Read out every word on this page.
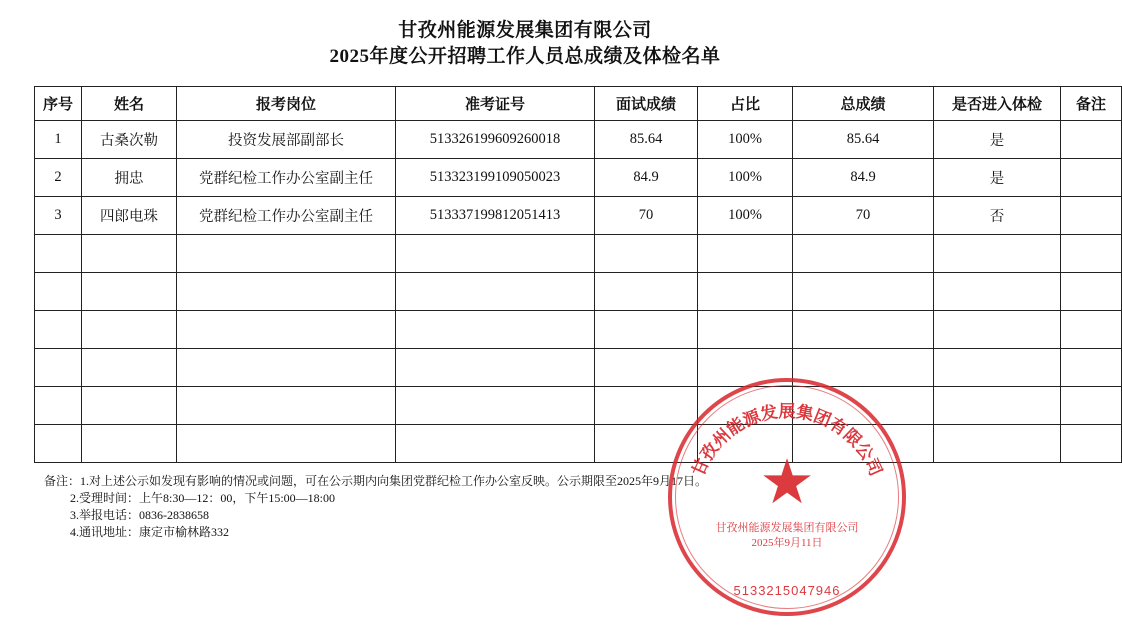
甘孜州能源发展集团有限公司
2025年度公开招聘工作人员总成绩及体检名单
序号	姓名	报考岗位	准考证号	面试成绩	占比	总成绩	是否进入体检	备注
1	古桑次勒	投资发展部副部长	513326199609260018	85.64	100%	85.64	是	
2	拥忠	党群纪检工作办公室副主任	513323199109050023	84.9	100%	84.9	是	
3	四郎电珠	党群纪检工作办公室副主任	513337199812051413	70	100%	70	否	

备注：1.对上述公示如发现有影响的情况或问题，可在公示期内向集团党群纪检工作办公室反映。公示期限至2025年9月17日。
2.受理时间：上午8:30—12：00，下午15:00—18:00
3.举报电话：0836-2838658
4.通讯地址：康定市榆林路332
甘孜州能源发展集团有限公司
★
甘孜州能源发展集团有限公司
2025年9月11日
5133215047946
